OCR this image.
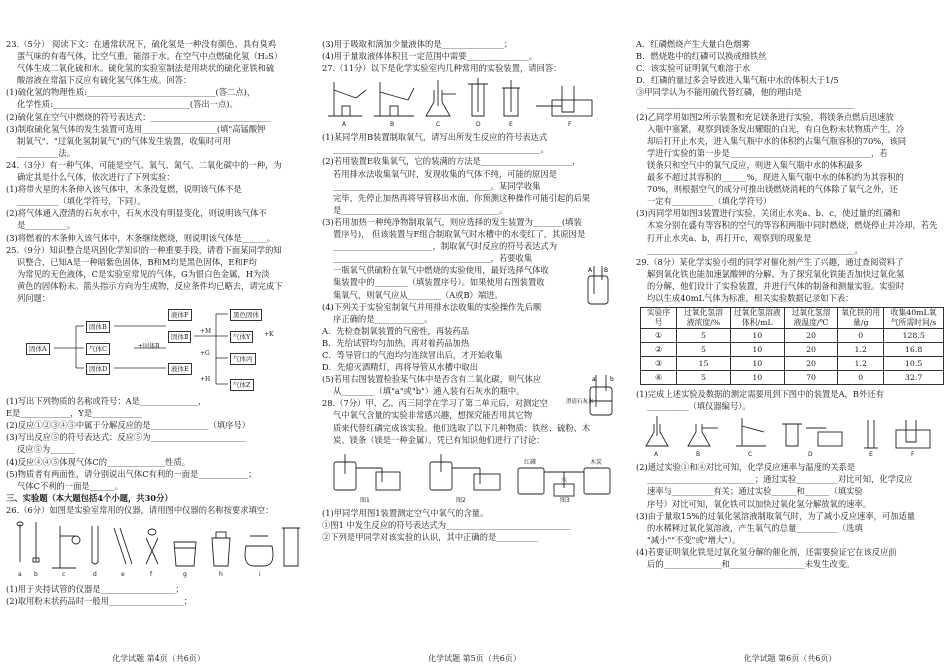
23.（5分） 阅读下文：在通常状况下，硫化氢是一种没有颜色、具有臭鸡
蛋气味的有毒气体，比空气重，能溶于水。在空气中点燃硫化氢（H₂S）
气体生成二氧化硫和水。硫化氢的实验室制法是用块状的硫化亚铁和硫
酸溶液在常温下反应有硫化氢气体生成。回答：
(1)硫化氢的物理性质:_______________________________(答二点)，
化学性质:_________________________________(答出一点)。
(2)硫化氢在空气中燃烧的符号表达式：_____________________________
(3)制取硫化氢气体的发生装置可选用__________________(填"高锰酸钾
制氧气"、"过氧化氢制氧气")的气体发生装置，收集时可用
__________法。
24.（3分）有一种气体，可能是空气、氧气、氮气、二氧化碳中的一种，为
确定其是什么气体，依次进行了下列实验：
(1)将带火星的木条伸入该气体中，木条没复燃，说明该气体不是
__________（填化学符号，下同）。
(2)将气体通入澄清的石灰水中，石灰水没有明显变化，则说明该气体不
是__________。
(3)将燃着的木条伸入该气体中，木条继续燃烧，则说明该气体是______。
25.（9分）知识整合是巩固化学知识的一种重要手段，请看下面某同学的知
识整合，已知A是一种暗紫色固体，B和M均是黑色固体，E和F均
为常见的无色液体，C是实验室常见的气体，G为银白色金属，H为淡
黄色的固体粉末。箭头指示方向为生成物，反应条件均已略去，请完成下
列问题：
固体A
固体B
气体C
固体D
固体Ⅱ
液体F
液体E
黑色固体
气体Y
气体丙
气体Z
+固体B
+M
+G
+H
+K
(1)写出下列物质的名称或符号：A是______________，
E是____________，Y是____________
(2)反应①②③④⑤中属于分解反应的是______________（填序号）
(3)写出反应⑤的符号表达式：反应⑤为_______________________
反应⑤为______
(4)反应④④⑤体现气体C的______________性质。
(5)物质者有两面性，请分别说出气体C有利的一面是____________；
气体C不利的一面是______。
三、实验题（本大题包括4个小题，共30分）
26.（6分）如图是实验室常用的仪器，请用图中仪器的名称按要求填空：
a b	c	d	e	f	g	h	i
(1)用于夹持试管的仪器是__________________；
(2)取用粉末状药品时一般用__________________；
化学试题 第4页（共6页）
(3)用于吸取和滴加少量液体的是_______________；
(4)用于量取液体体积且一定范围中需要_______________。
27.（11分）以下是化学实验室内几种常用的实验装置，请回答：
A	B	C	D	E	F
(1)某同学用B装置制取氧气，请写出所发生反应的符号表达式
__________________________________________________。
(2)若用装置E收集氧气，它的装满的方法是______________________，
若用排水法收集氧气时，发现收集的气体不纯，可能的原因是
______________________________________。某同学收集
完毕，先停止加热再将导管移出水面，你预测这种操作可能引起的后果
是______________________________________。
(3)若用加热一种纯净物制取氧气，则应选择的发生装置为_______(填装
置序号)， 但该装置与F组合制取氧气时水槽中的水变红了，其原因是
________________________，制取氧气时反应的符号表达式为
______________________________________，若要收集
一瓶氧气供硫粉在氧气中燃烧的实验使用，最好选择气体收
集装置中的________（填装置序号）。如果使用右图装置收
集氧气，则氧气应从________（A或B）端进。
(4)下列关于实验室制氧气并用排水法收集的实验操作先后顺
序正确的是____________。
A．先检查制氧装置的气密性，再装药品
B．先给试管均匀加热，再对着药品加热
C．等导管口的气泡均匀连续冒出后，才开始收集
D．先熄灭酒精灯，再将导管从水槽中取出
(5)若用右图装置检验某气体中是否含有二氧化碳，则气体应
从________（填"a"或"b"）通入装有石灰水的瓶中。
28.（7分）甲、乙、丙三同学在学习了第二单元后，对测定空
气中氧气含量的实验非常感兴趣，想探究能否用其它物
质来代替红磷完成该实验。他们选取了以下几种物质：铁丝、硫粉、木
炭、镁条（镁是一种金属）。凭已有知识他们进行了讨论：
A B
a b
澄清石灰水
图1	图2	图3
红磷
水
木炭
(1)甲同学用图1装置测定空气中氧气的含量。
①图1 中发生反应的符号表达式为______________________________
②下列是甲同学对该实验的认识，其中正确的是__________
化学试题 第5页（共6页）
A．红磷燃烧产生大量白色烟雾
B．燃烧匙中的红磷可以换成细铁丝
C．该实验可证明氧气难溶于水
D．红磷的量过多会导致进入集气瓶中水的体积大于1/5
③甲同学认为不能用硫代替红磷，他的理由是
__________________________________________________
(2)乙同学用如图2所示装置和充足镁条进行实验，将镁条点燃后迅速放
入瓶中塞紧，观察到镁条发出耀眼的白光，有白色粉末状物质产生，冷
却后打开止水夹，进入集气瓶中水的体积约占集气瓶容积的70%，该同
学进行实验的第一步是__________________________________，若
镁条只和空气中的氧气反应，则进入集气瓶中水的体积最多
最多不超过其容积的______%。现进入集气瓶中水的体积约为其容积的
70%，则根据空气的成分可推出镁燃烧消耗的气体除了氧气之外，还
一定有__________（填化学符号）
(3)丙同学用如图3装置进行实验，关闭止水夹a、b、c，使过量的红磷和
木炭分别在盛有等容积的空气的等容积两瓶中同时燃烧，燃烧停止并冷却，若先
打开止水夹a、b，再打开c，观察到的现象是
__________________________________________________。
29.（8分）某化学实验小组的同学对催化剂产生了兴趣，通过查阅资料了
解到氧化铁也能加速氯酸钾的分解。为了探究氧化铁能否加快过氧化氢
的分解，他们设计了实验装置，并进行气体的制备和测量实验。实验时
均以生成40mL气体为标准，相关实验数据记录如下表：
实验序号	过氧化氢溶液浓度/%	过氧化氢溶液体积/mL	过氧化氢溶液温度/℃	氧化铁的用量/g	收集40mL氧气所需时间/s
①	5	10	20	0	128.5
②	5	10	20	1.2	16.8
③	15	10	20	1.2	10.5
④	5	10	70	0	32.7
(1)完成上述实验及数据的测定需要用到下图中的装置是A，B外还有
__________（填仪器编号）。
A	B	C	D	E	F
(2)通过实验①和④对比可知，化学反应速率与温度的关系是
__________________________；通过实验__________对比可知，化学反应
速率与__________有关；通过实验______和______（填实验
序号）对比可知，氧化铁可以加快过氧化氢分解放氧的速率。
(3)由于量取15%的过氧化氢溶液制取氧气时，为了减小反应速率，可加适量
的水稀释过氧化氢溶液，产生氧气的总量__________（选填
"减小""不变"或"增大"）。
(4)若要证明氧化铁是过氧化氢分解的催化剂，还需要验证它在该反应前
后的______________和__________________未发生改变。
化学试题 第6页（共6页）
